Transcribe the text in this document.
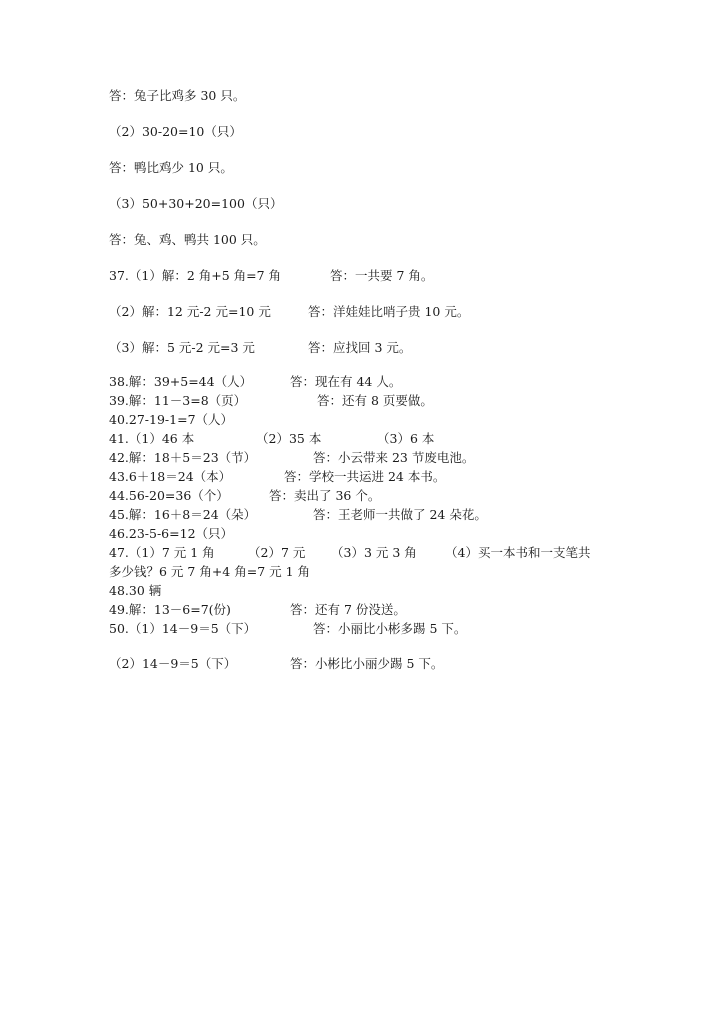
答：兔子比鸡多 30 只。
（2）30-20=10（只）
答：鸭比鸡少 10 只。
（3）50+30+20=100（只）
答：兔、鸡、鸭共 100 只。
37.（1）解：2 角+5 角=7 角	答：一共要 7 角。
（2）解：12 元-2 元=10 元	答：洋娃娃比哨子贵 10 元。
（3）解：5 元-2 元=3 元	答：应找回 3 元。
38.解：39+5=44（人）	答：现在有 44 人。
39.解：11－3=8（页）	答：还有 8 页要做。
40.27-19-1=7（人）
41.（1）46 本	（2）35 本	（3）6 本
42.解：18＋5＝23（节）	答：小云带来 23 节废电池。
43.6＋18＝24（本）	答：学校一共运进 24 本书。
44.56-20=36（个）	答：卖出了 36 个。
45.解：16＋8＝24（朵）	答：王老师一共做了 24 朵花。
46.23-5-6=12（只）
47.（1）7 元 1 角	（2）7 元 （3）3 元 3 角 （4）买一本书和一支笔共
多少钱？6 元 7 角+4 角=7 元 1 角
48.30 辆
49.解：13－6=7(份)	答：还有 7 份没送。
50.（1）14－9＝5（下）	答：小丽比小彬多踢 5 下。
（2）14－9＝5（下）	答：小彬比小丽少踢 5 下。
